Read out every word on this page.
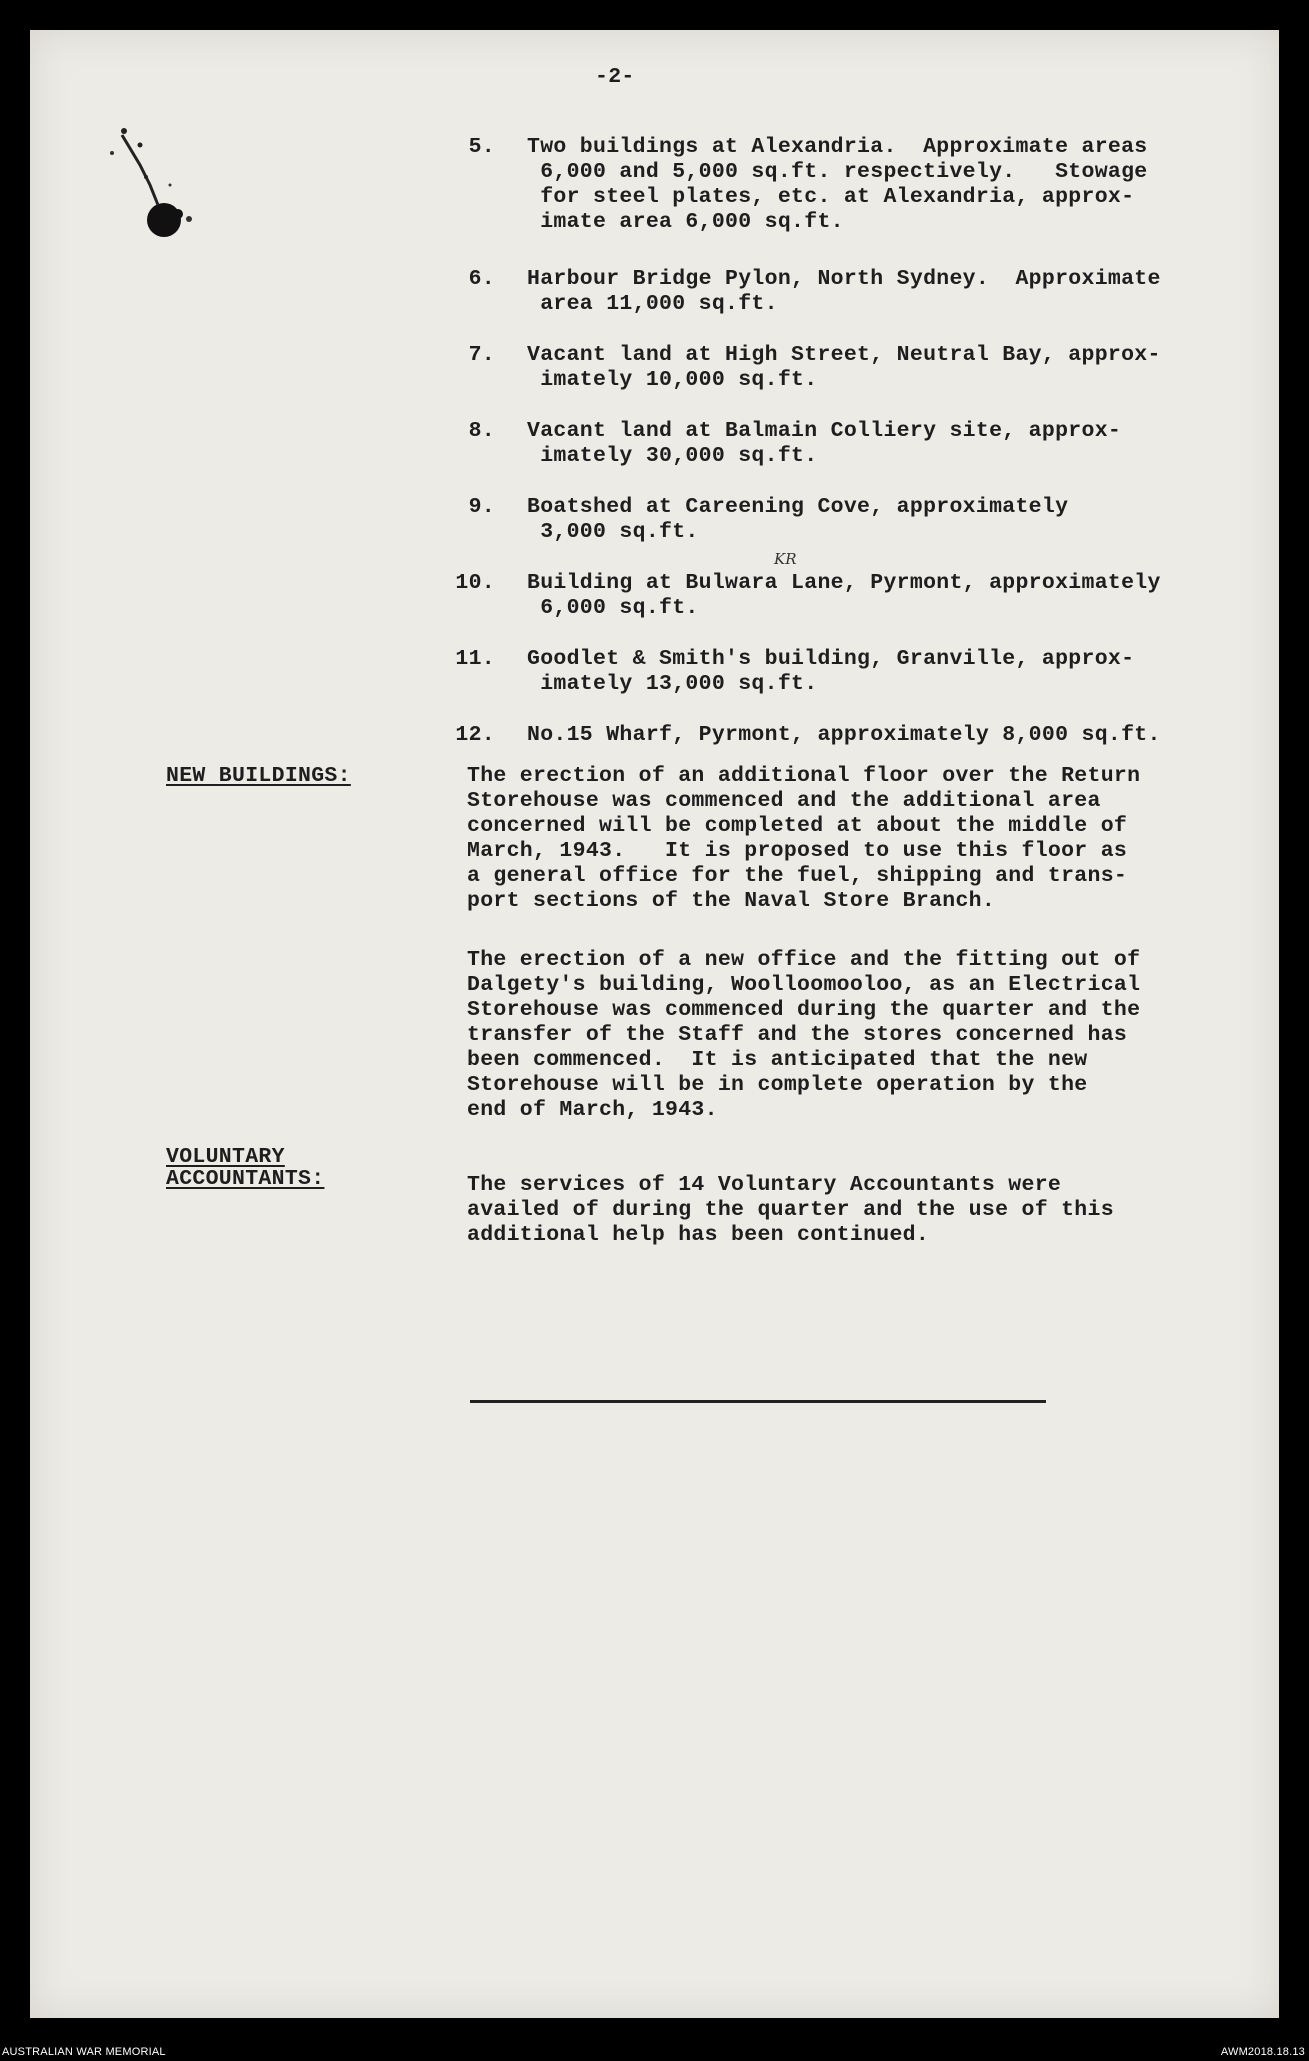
-2-
5. Two buildings at Alexandria.  Approximate areas
6,000 and 5,000 sq.ft. respectively.   Stowage
for steel plates, etc. at Alexandria, approx-
imate area 6,000 sq.ft.
6. Harbour Bridge Pylon, North Sydney.  Approximate
area 11,000 sq.ft.
7. Vacant land at High Street, Neutral Bay, approx-
imately 10,000 sq.ft.
8. Vacant land at Balmain Colliery site, approx-
imately 30,000 sq.ft.
9. Boatshed at Careening Cove, approximately
3,000 sq.ft.
10. Building at Bulwara Lane, Pyrmont, approximately
6,000 sq.ft.
11. Goodlet & Smith's building, Granville, approx-
imately 13,000 sq.ft.
12. No.15 Wharf, Pyrmont, approximately 8,000 sq.ft.
NEW BUILDINGS:	The erection of an additional floor over the Return
Storehouse was commenced and the additional area
concerned will be completed at about the middle of
March, 1943.   It is proposed to use this floor as
a general office for the fuel, shipping and trans-
port sections of the Naval Store Branch.
The erection of a new office and the fitting out of
Dalgety's building, Woolloomooloo, as an Electrical
Storehouse was commenced during the quarter and the
transfer of the Staff and the stores concerned has
been commenced.  It is anticipated that the new
Storehouse will be in complete operation by the
end of March, 1943.
VOLUNTARY
ACCOUNTANTS:	The services of 14 Voluntary Accountants were
availed of during the quarter and the use of this
additional help has been continued.
KR
AUSTRALIAN WAR MEMORIAL	AWM2018.18.13
